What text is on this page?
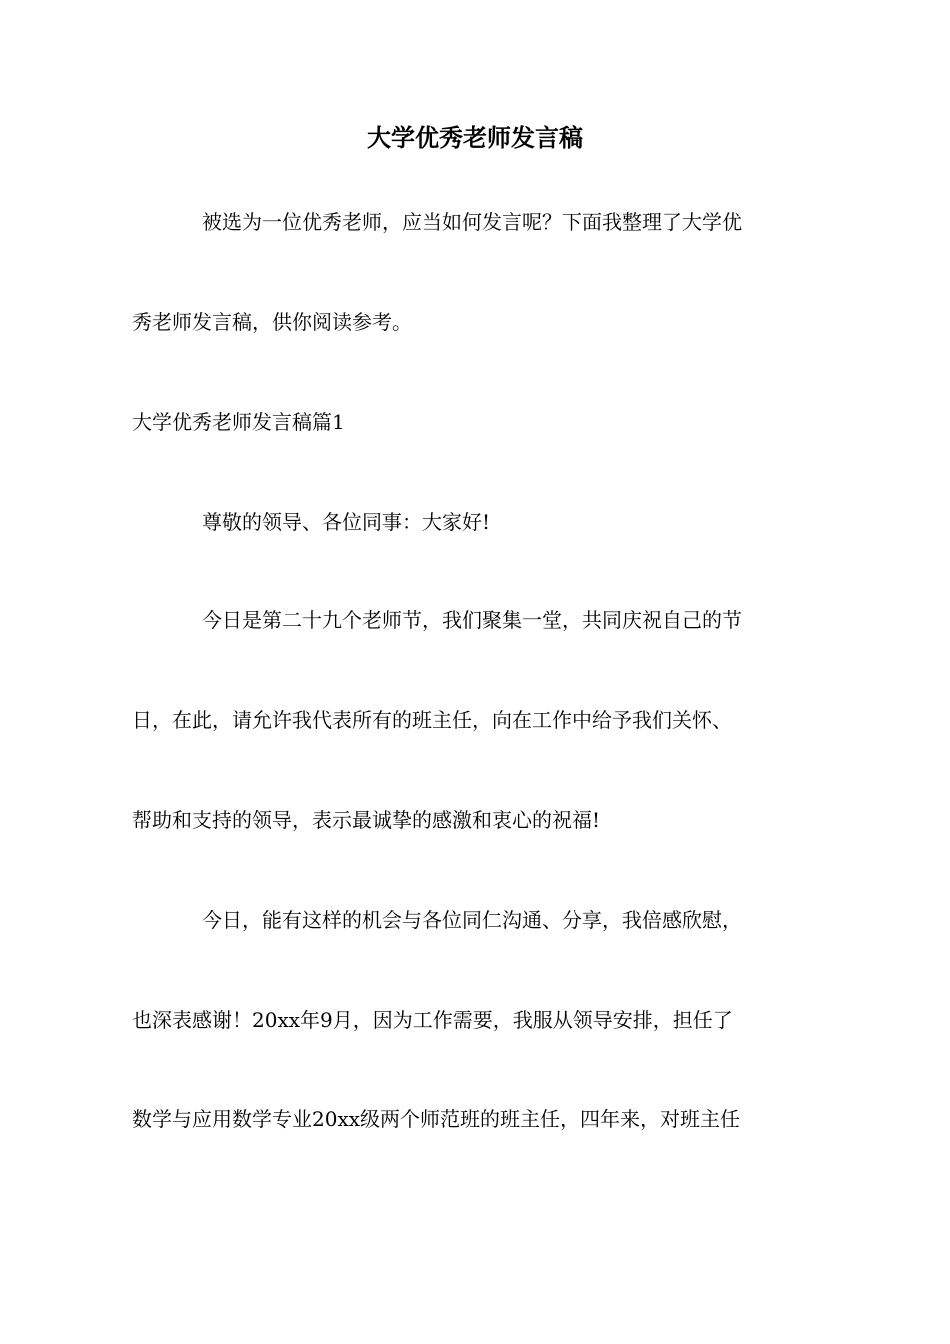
大学优秀老师发言稿
被选为一位优秀老师，应当如何发言呢？下面我整理了大学优
秀老师发言稿，供你阅读参考。
大学优秀老师发言稿篇1
尊敬的领导、各位同事：大家好!
今日是第二十九个老师节，我们聚集一堂，共同庆祝自己的节
日，在此，请允许我代表所有的班主任，向在工作中给予我们关怀、
帮助和支持的领导，表示最诚挚的感激和衷心的祝福!
今日，能有这样的机会与各位同仁沟通、分享，我倍感欣慰，
也深表感谢！20xx年9月，因为工作需要，我服从领导安排，担任了
数学与应用数学专业20xx级两个师范班的班主任，四年来，对班主任
